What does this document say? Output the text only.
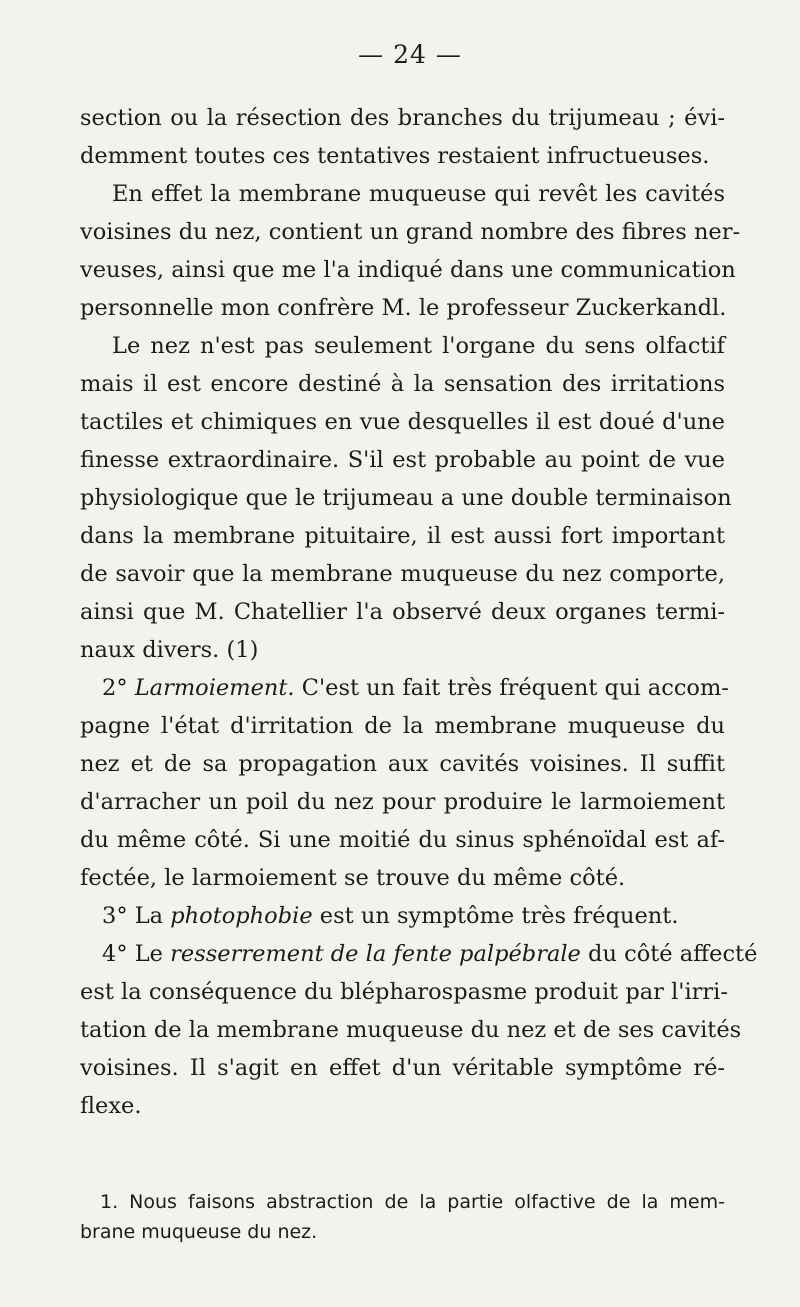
— 24 —
section ou la résection des branches du trijumeau ; évi-
demment toutes ces tentatives restaient infructueuses.
En effet la membrane muqueuse qui revêt les cavités
voisines du nez, contient un grand nombre des fibres ner-
veuses, ainsi que me l'a indiqué dans une communication
personnelle mon confrère M. le professeur Zuckerkandl.
Le nez n'est pas seulement l'organe du sens olfactif
mais il est encore destiné à la sensation des irritations
tactiles et chimiques en vue desquelles il est doué d'une
finesse extraordinaire. S'il est probable au point de vue
physiologique que le trijumeau a une double terminaison
dans la membrane pituitaire, il est aussi fort important
de savoir que la membrane muqueuse du nez comporte,
ainsi que M. Chatellier l'a observé deux organes termi-
naux divers. (1)
2° Larmoiement. C'est un fait très fréquent qui accom-
pagne l'état d'irritation de la membrane muqueuse du
nez et de sa propagation aux cavités voisines. Il suffit
d'arracher un poil du nez pour produire le larmoiement
du même côté. Si une moitié du sinus sphénoïdal est af-
fectée, le larmoiement se trouve du même côté.
3° La photophobie est un symptôme très fréquent.
4° Le resserrement de la fente palpébrale du côté affecté
est la conséquence du blépharospasme produit par l'irri-
tation de la membrane muqueuse du nez et de ses cavités
voisines. Il s'agit en effet d'un véritable symptôme ré-
flexe.
1. Nous faisons abstraction de la partie olfactive de la mem-
brane muqueuse du nez.
